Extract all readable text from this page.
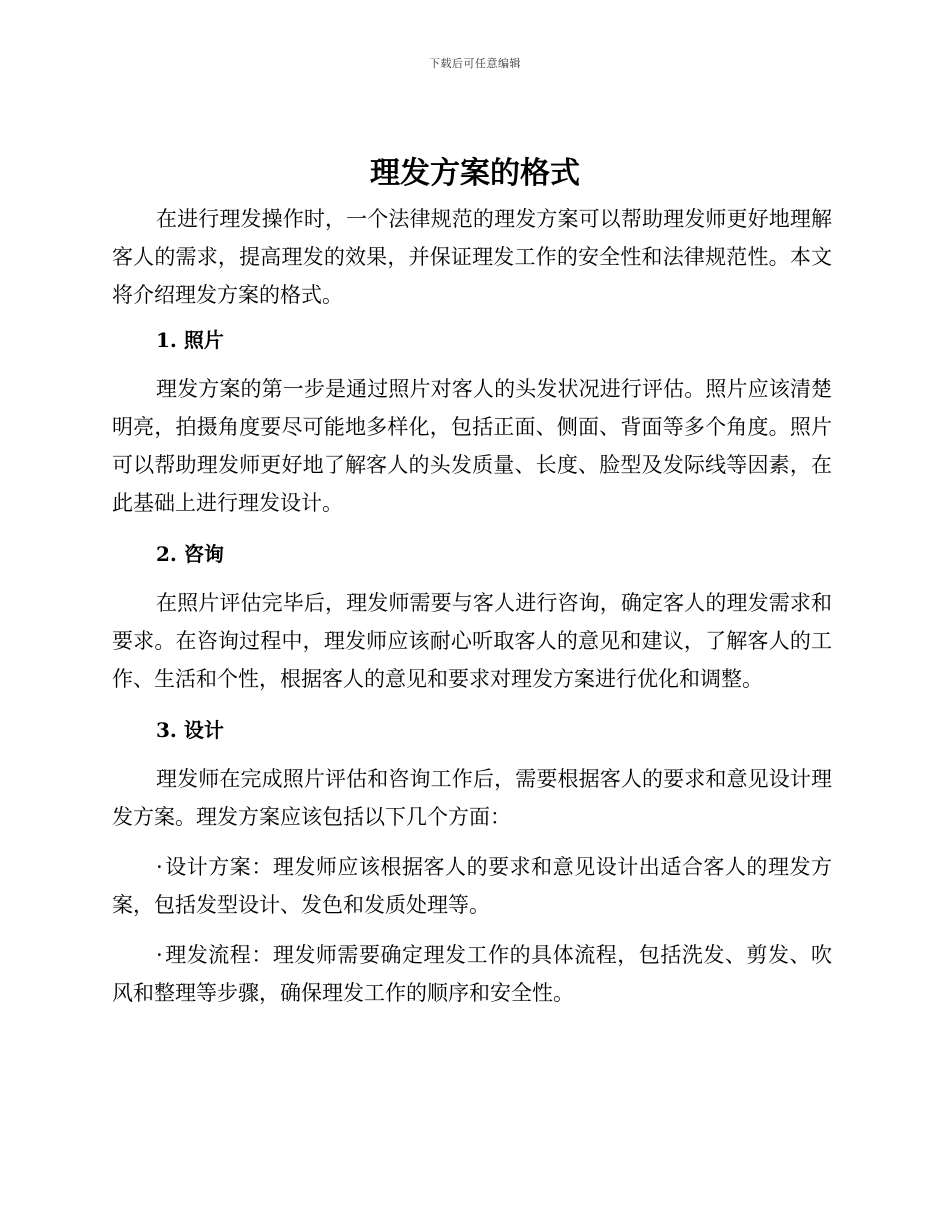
下载后可任意编辑
理发方案的格式

在进行理发操作时，一个法律规范的理发方案可以帮助理发师更好地理解客人的需求，提高理发的效果，并保证理发工作的安全性和法律规范性。本文将介绍理发方案的格式。

1. 照片

理发方案的第一步是通过照片对客人的头发状况进行评估。照片应该清楚明亮，拍摄角度要尽可能地多样化，包括正面、侧面、背面等多个角度。照片可以帮助理发师更好地了解客人的头发质量、长度、脸型及发际线等因素，在此基础上进行理发设计。

2. 咨询

在照片评估完毕后，理发师需要与客人进行咨询，确定客人的理发需求和要求。在咨询过程中，理发师应该耐心听取客人的意见和建议，了解客人的工作、生活和个性，根据客人的意见和要求对理发方案进行优化和调整。

3. 设计

理发师在完成照片评估和咨询工作后，需要根据客人的要求和意见设计理发方案。理发方案应该包括以下几个方面：

·设计方案：理发师应该根据客人的要求和意见设计出适合客人的理发方案，包括发型设计、发色和发质处理等。

·理发流程：理发师需要确定理发工作的具体流程，包括洗发、剪发、吹风和整理等步骤，确保理发工作的顺序和安全性。
